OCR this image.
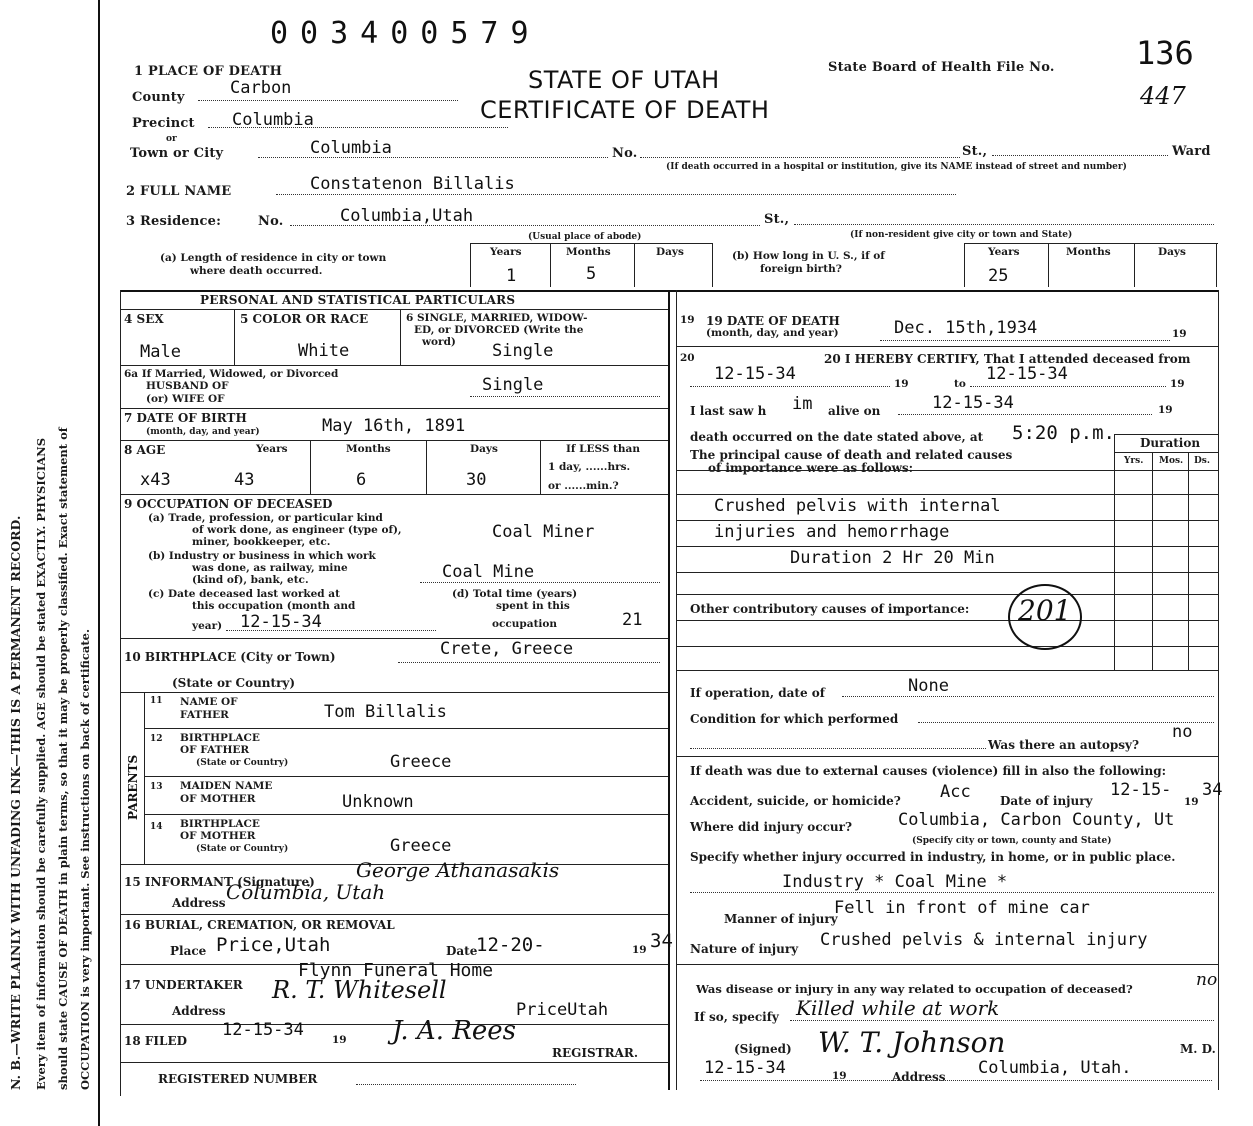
N. B.—WRITE PLAINLY WITH UNFADING INK—THIS IS A PERMANENT RECORD. Every item of information should be carefully supplied. AGE should be stated EXACTLY. PHYSICIANS should state CAUSE OF DEATH in plain terms, so that it may be properly classified. Exact statement of OCCUPATION is very important. See instructions on back of certificate.
003400579
STATE OF UTAH
CERTIFICATE OF DEATH
State Board of Health File No.	136
447
1 PLACE OF DEATH
County	Carbon
Precinct Columbia
or
Town or City	Columbia	No.	St.,	Ward
(If death occurred in a hospital or institution, give its NAME instead of street and number)
2 FULL NAME	Constatenon Billalis
3 Residence:	No.	Columbia,Utah	St.,
(Usual place of abode)	(If non-resident give city or town and State)
(a) Length of residence in city or town
where death occurred.
Years	Months	Days
1	5
(b) How long in U. S., if of
foreign birth?
Years	Months	Days
25
PERSONAL AND STATISTICAL PARTICULARS
4 SEX
Male
5 COLOR OR RACE
White
6 SINGLE, MARRIED, WIDOW-
ED, or DIVORCED (Write the
word) Single
6a If Married, Widowed, or Divorced
HUSBAND OF
(or) WIFE OF
Single
7 DATE OF BIRTH
(month, day, and year)	May 16th, 1891
8 AGE	Years	Months	Days
x43	43	6	30
If LESS than
1 day, ......hrs.
or ......min.?
9 OCCUPATION OF DECEASED
(a) Trade, profession, or particular kind
of work done, as engineer (type of),
miner, bookkeeper, etc.	Coal Miner
(b) Industry or business in which work
was done, as railway, mine
(kind of), bank, etc.	Coal Mine
(c) Date deceased last worked at
this occupation (month and
year) 12-15-34
(d) Total time (years)
spent in this
occupation	21
10 BIRTHPLACE (City or Town)	Crete, Greece
(State or Country)
PARENTS
11 NAME OF
FATHER	Tom Billalis
12 BIRTHPLACE
OF FATHER
(State or Country)	Greece
13 MAIDEN NAME
OF MOTHER	Unknown
14 BIRTHPLACE
OF MOTHER
(State or Country)	Greece
15 INFORMANT (Signature) George Athanasakis
Address Columbia, Utah
16 BURIAL, CREMATION, OR REMOVAL
Place Price,Utah	Date
12-20-	19 34
17 UNDERTAKER
Flynn Funeral Home
R. T. Whitesell
Address	PriceUtah
18 FILED
12-15-34	19 J. A. Rees
REGISTRAR.
REGISTERED NUMBER
19 19 DATE OF DEATH
(month, day, and year)	Dec. 15th,1934	19
20	20 I HEREBY CERTIFY, That I attended deceased from
12-15-34	19	to 12-15-34	19
I last saw h im alive on	12-15-34	19
death occurred on the date stated above, at 5:20 p.m. Duration
Yrs. Mos. Ds.
The principal cause of death and related causes
of importance were as follows:
Crushed pelvis with internal
injuries and hemorrhage
Duration 2 Hr 20 Min
Other contributory causes of importance: 201
If operation, date of	None
Condition for which performed
Was there an autopsy?
no
If death was due to external causes (violence) fill in also the following:
Accident, suicide, or homicide? Acc Date of injury
12-15-
19
34
Where did injury occur?	Columbia, Carbon County, Ut
(Specify city or town, county and State)
Specify whether injury occurred in industry, in home, or in public place.
Industry * Coal Mine *
Manner of injury
Fell in front of mine car
Nature of injury Crushed pelvis & internal injury
Was disease or injury in any way related to occupation of deceased?	no
If so, specify Killed while at work
(Signed) W. T. Johnson	M. D.
12-15-34	19	Address Columbia, Utah.
